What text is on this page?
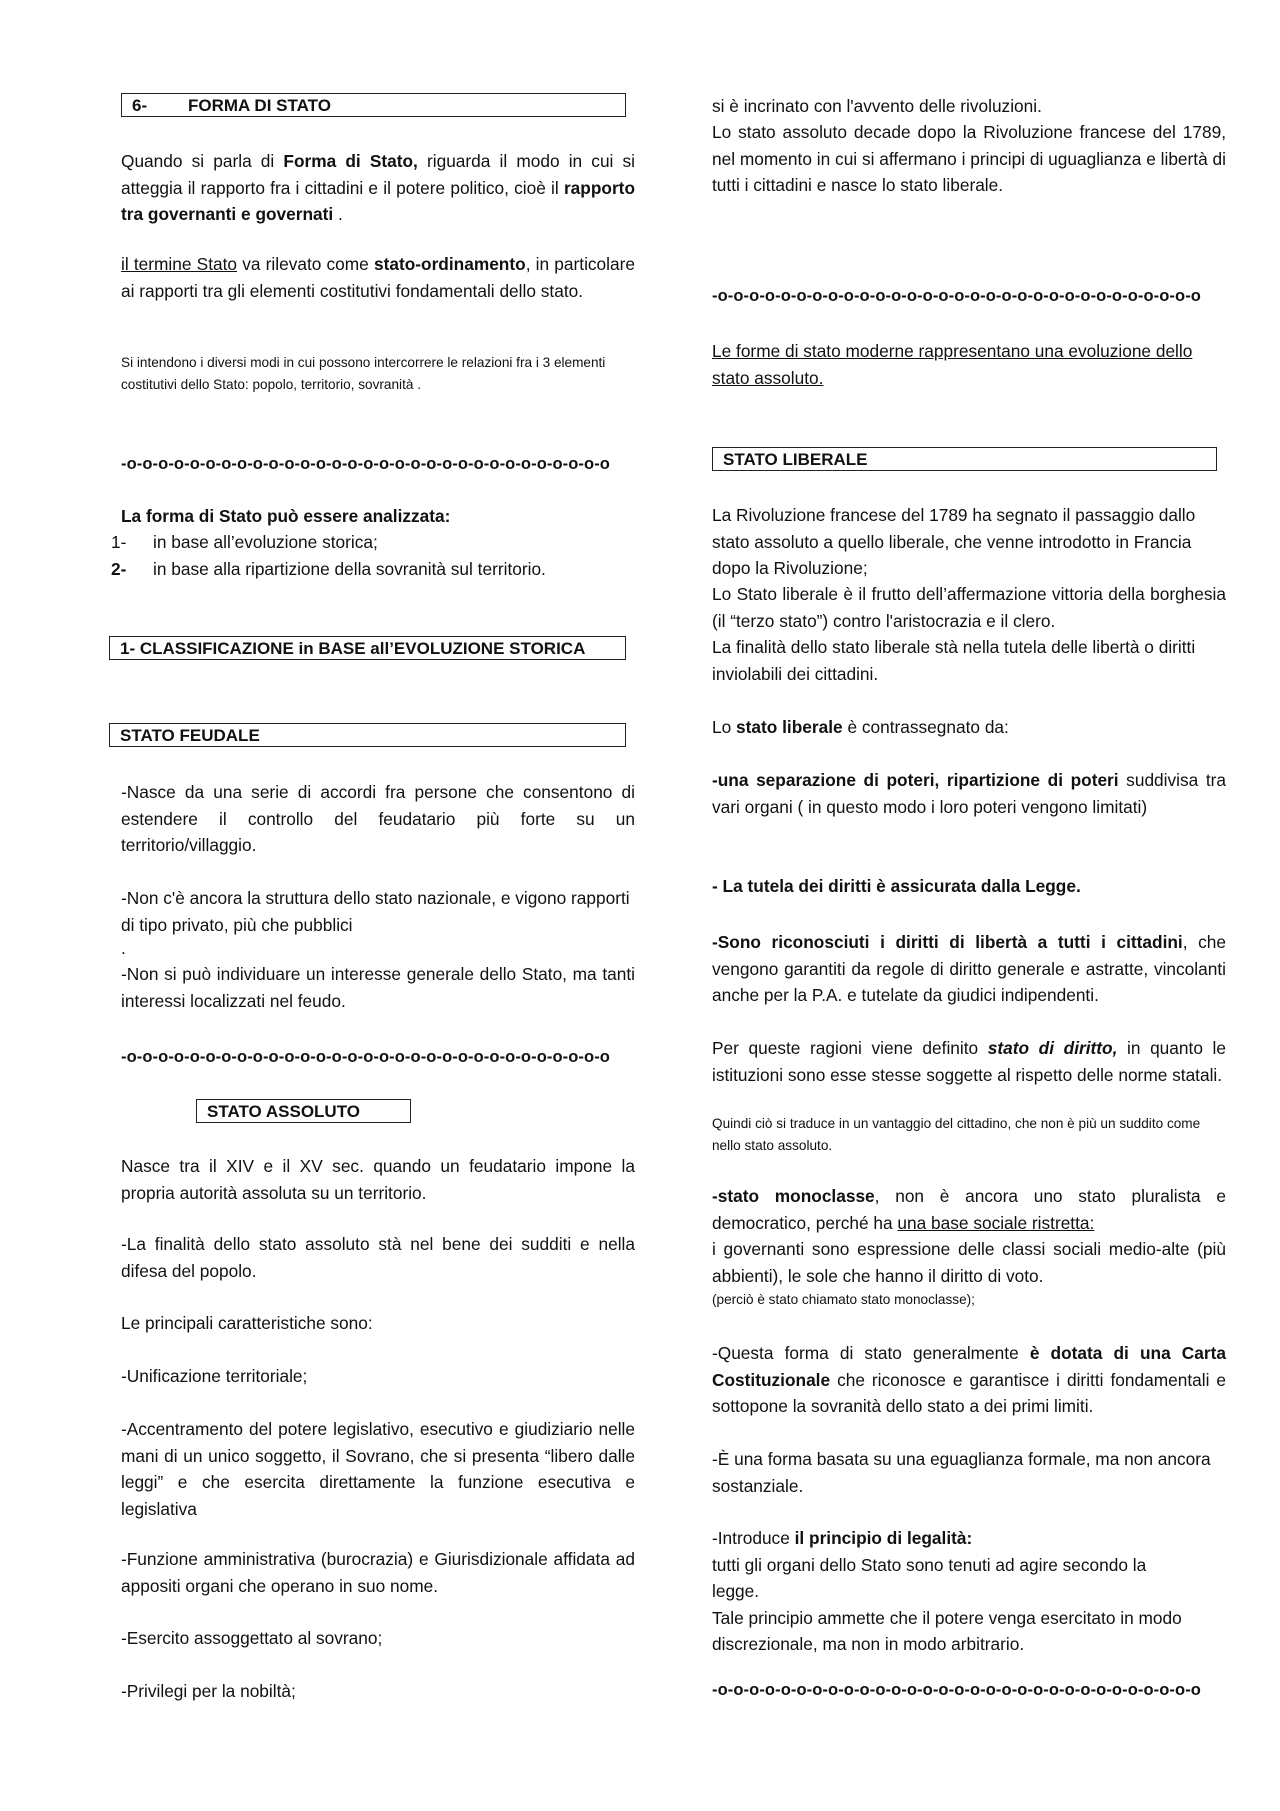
6- FORMA DI STATO

Quando si parla di Forma di Stato, riguarda il modo in cui si atteggia il rapporto fra i cittadini e il potere politico, cioè il rapporto tra governanti e governati .

il termine Stato va rilevato come stato-ordinamento, in particolare ai rapporti tra gli elementi costitutivi fondamentali dello stato.

Si intendono i diversi modi in cui possono intercorrere le relazioni fra i 3 elementi costitutivi dello Stato: popolo, territorio, sovranità .

-o-o-o-o-o-o-o-o-o-o-o-o-o-o-o-o-o-o-o-o-o-o-o-o-o-o-o-o-o-o-o

La forma di Stato può essere analizzata:

1-	in base all’evoluzione storica;
2-	in base alla ripartizione della sovranità sul territorio.
1- CLASSIFICAZIONE in BASE all’EVOLUZIONE STORICA
STATO FEUDALE

-Nasce da una serie di accordi fra persone che consentono di estendere il controllo del feudatario più forte su un territorio/villaggio.

-Non c'è ancora la struttura dello stato nazionale, e vigono rapporti di tipo privato, più che pubblici

.

-Non si può individuare un interesse generale dello Stato, ma tanti interessi localizzati nel feudo.

-o-o-o-o-o-o-o-o-o-o-o-o-o-o-o-o-o-o-o-o-o-o-o-o-o-o-o-o-o-o-o
STATO ASSOLUTO

Nasce tra il XIV e il XV sec. quando un feudatario impone la propria autorità assoluta su un territorio.

-La finalità dello stato assoluto stà nel bene dei sudditi e nella difesa del popolo.

Le principali caratteristiche sono:

-Unificazione territoriale;

-Accentramento del potere legislativo, esecutivo e giudiziario nelle mani di un unico soggetto, il Sovrano, che si presenta “libero dalle leggi” e che esercita direttamente la funzione esecutiva e legislativa

-Funzione amministrativa (burocrazia) e Giurisdizionale affidata ad appositi organi che operano in suo nome.

-Esercito assoggettato al sovrano;

-Privilegi per la nobiltà;

si è incrinato con l'avvento delle rivoluzioni.

Lo stato assoluto decade dopo la Rivoluzione francese del 1789, nel momento in cui si affermano i principi di uguaglianza e libertà di tutti i cittadini e nasce lo stato liberale.

-o-o-o-o-o-o-o-o-o-o-o-o-o-o-o-o-o-o-o-o-o-o-o-o-o-o-o-o-o-o-o

Le forme di stato moderne rappresentano una evoluzione dello stato assoluto.

STATO LIBERALE

La Rivoluzione francese del 1789 ha segnato il passaggio dallo stato assoluto a quello liberale, che venne introdotto in Francia dopo la Rivoluzione;

Lo Stato liberale è il frutto dell’affermazione vittoria della borghesia (il “terzo stato”) contro l'aristocrazia e il clero.

La finalità dello stato liberale stà nella tutela delle libertà o diritti inviolabili dei cittadini.

Lo stato liberale è contrassegnato da:

-una separazione di poteri, ripartizione di poteri suddivisa tra vari organi ( in questo modo i loro poteri vengono limitati)

- La tutela dei diritti è assicurata dalla Legge.

-Sono riconosciuti i diritti di libertà a tutti i cittadini, che vengono garantiti da regole di diritto generale e astratte, vincolanti anche per la P.A. e tutelate da giudici indipendenti.

Per queste ragioni viene definito stato di diritto, in quanto le istituzioni sono esse stesse soggette al rispetto delle norme statali.

Quindi ciò si traduce in un vantaggio del cittadino, che non è più un suddito come nello stato assoluto.

-stato monoclasse, non è ancora uno stato pluralista e democratico, perché ha una base sociale ristretta:
i governanti sono espressione delle classi sociali medio-alte (più abbienti), le sole che hanno il diritto di voto.

(perciò è stato chiamato stato monoclasse);

-Questa forma di stato generalmente è dotata di una Carta Costituzionale che riconosce e garantisce i diritti fondamentali e sottopone la sovranità dello stato a dei primi limiti.

-È una forma basata su una eguaglianza formale, ma non ancora sostanziale.

-Introduce il principio di legalità:
tutti gli organi dello Stato sono tenuti ad agire secondo la legge.
Tale principio ammette che il potere venga esercitato in modo discrezionale, ma non in modo arbitrario.

-o-o-o-o-o-o-o-o-o-o-o-o-o-o-o-o-o-o-o-o-o-o-o-o-o-o-o-o-o-o-o
